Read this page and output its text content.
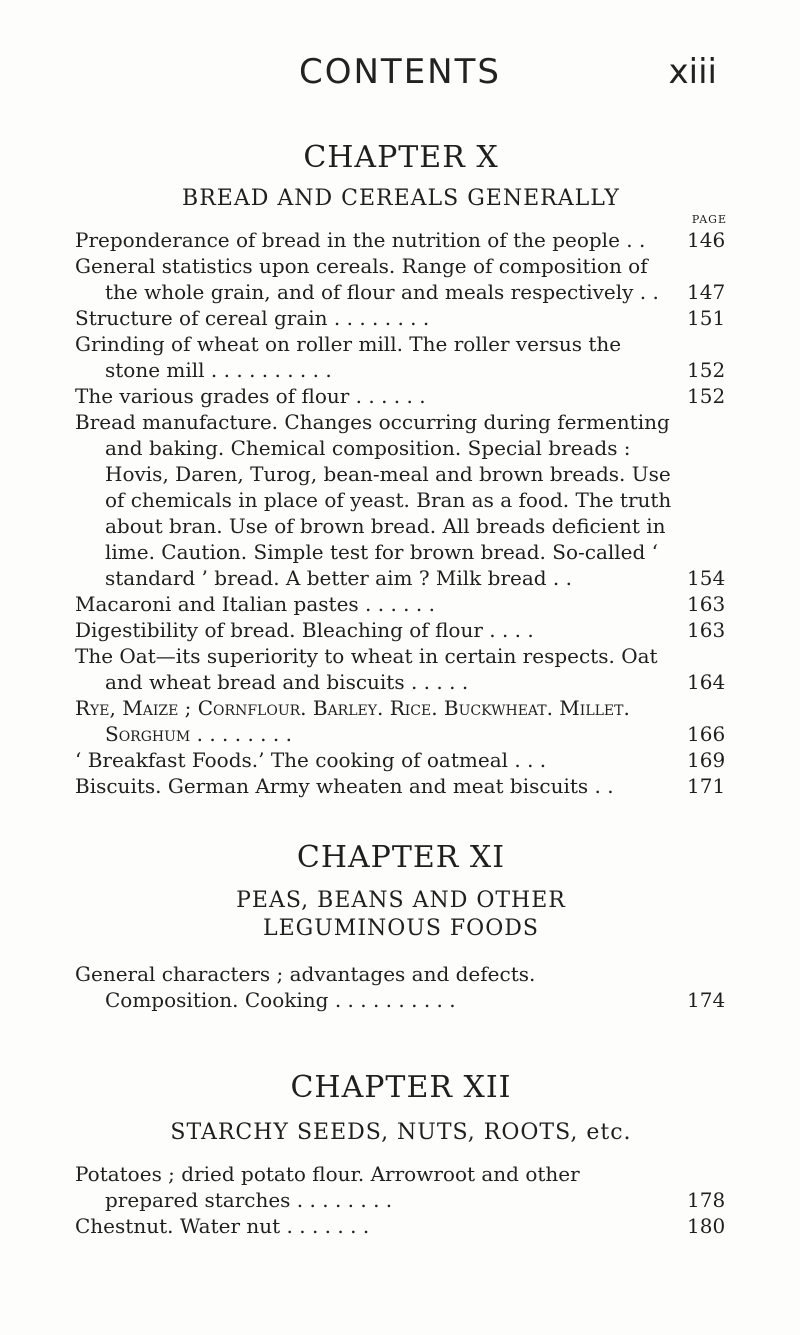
CONTENTS	xiii

CHAPTER X

BREAD AND CEREALS GENERALLY

PAGE

Preponderance of bread in the nutrition of the people . .	146
General statistics upon cereals. Range of composition of the whole grain, and of flour and meals respectively . .	147
Structure of cereal grain . . . . . . . .	151
Grinding of wheat on roller mill. The roller versus the stone mill . . . . . . . . . .	152
The various grades of flour . . . . . .	152
Bread manufacture. Changes occurring during fermenting and baking. Chemical composition. Special breads : Hovis, Daren, Turog, bean-meal and brown breads. Use of chemicals in place of yeast. Bran as a food. The truth about bran. Use of brown bread. All breads deficient in lime. Caution. Simple test for brown bread. So-called ‘ standard ’ bread. A better aim ? Milk bread . .	154
Macaroni and Italian pastes . . . . . .	163
Digestibility of bread. Bleaching of flour . . . .	163
The Oat—its superiority to wheat in certain respects. Oat and wheat bread and biscuits . . . . .	164
Rye, Maize ; Cornflour. Barley. Rice. Buckwheat. Millet. Sorghum . . . . . . . .	166
‘ Breakfast Foods.’ The cooking of oatmeal . . .	169
Biscuits. German Army wheaten and meat biscuits . .	171

CHAPTER XI

PEAS, BEANS AND OTHER LEGUMINOUS FOODS

General characters ; advantages and defects. Composition. Cooking . . . . . . . . . .	174

CHAPTER XII

STARCHY SEEDS, NUTS, ROOTS, etc.

Potatoes ; dried potato flour. Arrowroot and other prepared starches . . . . . . . .	178
Chestnut. Water nut . . . . . . .	180
